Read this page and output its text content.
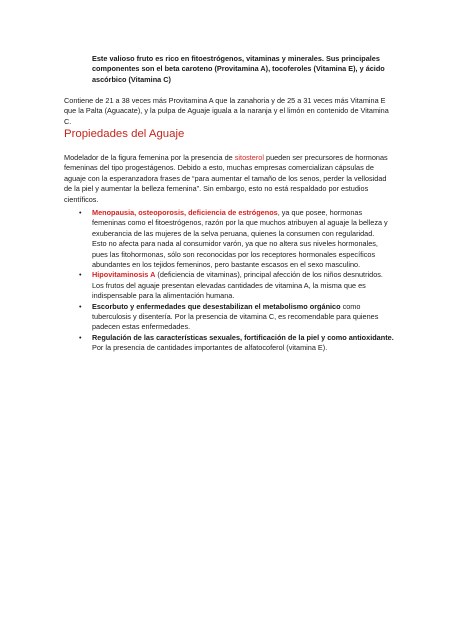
Este valioso fruto es rico en fitoestrógenos, vitaminas y minerales. Sus principales componentes son el beta caroteno (Provitamina A), tocoferoles (Vitamina E), y ácido ascórbico (Vitamina C)

Contiene de 21 a 38 veces más Provitamina A que la zanahoria y de 25 a 31 veces más Vitamina E que la Palta (Aguacate), y la pulpa de Aguaje iguala a la naranja y el limón en contenido de Vitamina C.

Propiedades del Aguaje

Modelador de la figura femenina por la presencia de sitosterol pueden ser precursores de hormonas femeninas del tipo progestágenos. Debido a esto, muchas empresas comercializan cápsulas de aguaje con la esperanzadora frases de “para aumentar el tamaño de los senos, perder la vellosidad de la piel y aumentar la belleza femenina”. Sin embargo, esto no está respaldado por estudios científicos.

• Menopausia, osteoporosis, deficiencia de estrógenos, ya que posee, hormonas femeninas como el fitoestrógenos, razón por la que muchos atribuyen al aguaje la belleza y exuberancia de las mujeres de la selva peruana, quienes la consumen con regularidad.
Esto no afecta para nada al consumidor varón, ya que no altera sus niveles hormonales, pues las fitohormonas, sólo son reconocidas por los receptores hormonales específicos abundantes en los tejidos femeninos, pero bastante escasos en el sexo masculino.
• Hipovitaminosis A (deficiencia de vitaminas), principal afección de los niños desnutridos. Los frutos del aguaje presentan elevadas cantidades de vitamina A, la misma que es indispensable para la alimentación humana.
• Escorbuto y enfermedades que desestabilizan el metabolismo orgánico como tuberculosis y disentería. Por la presencia de vitamina C, es recomendable para quienes padecen estas enfermedades.
• Regulación de las características sexuales, fortificación de la piel y como antioxidante. Por la presencia de cantidades importantes de alfatocoferol (vitamina E).
